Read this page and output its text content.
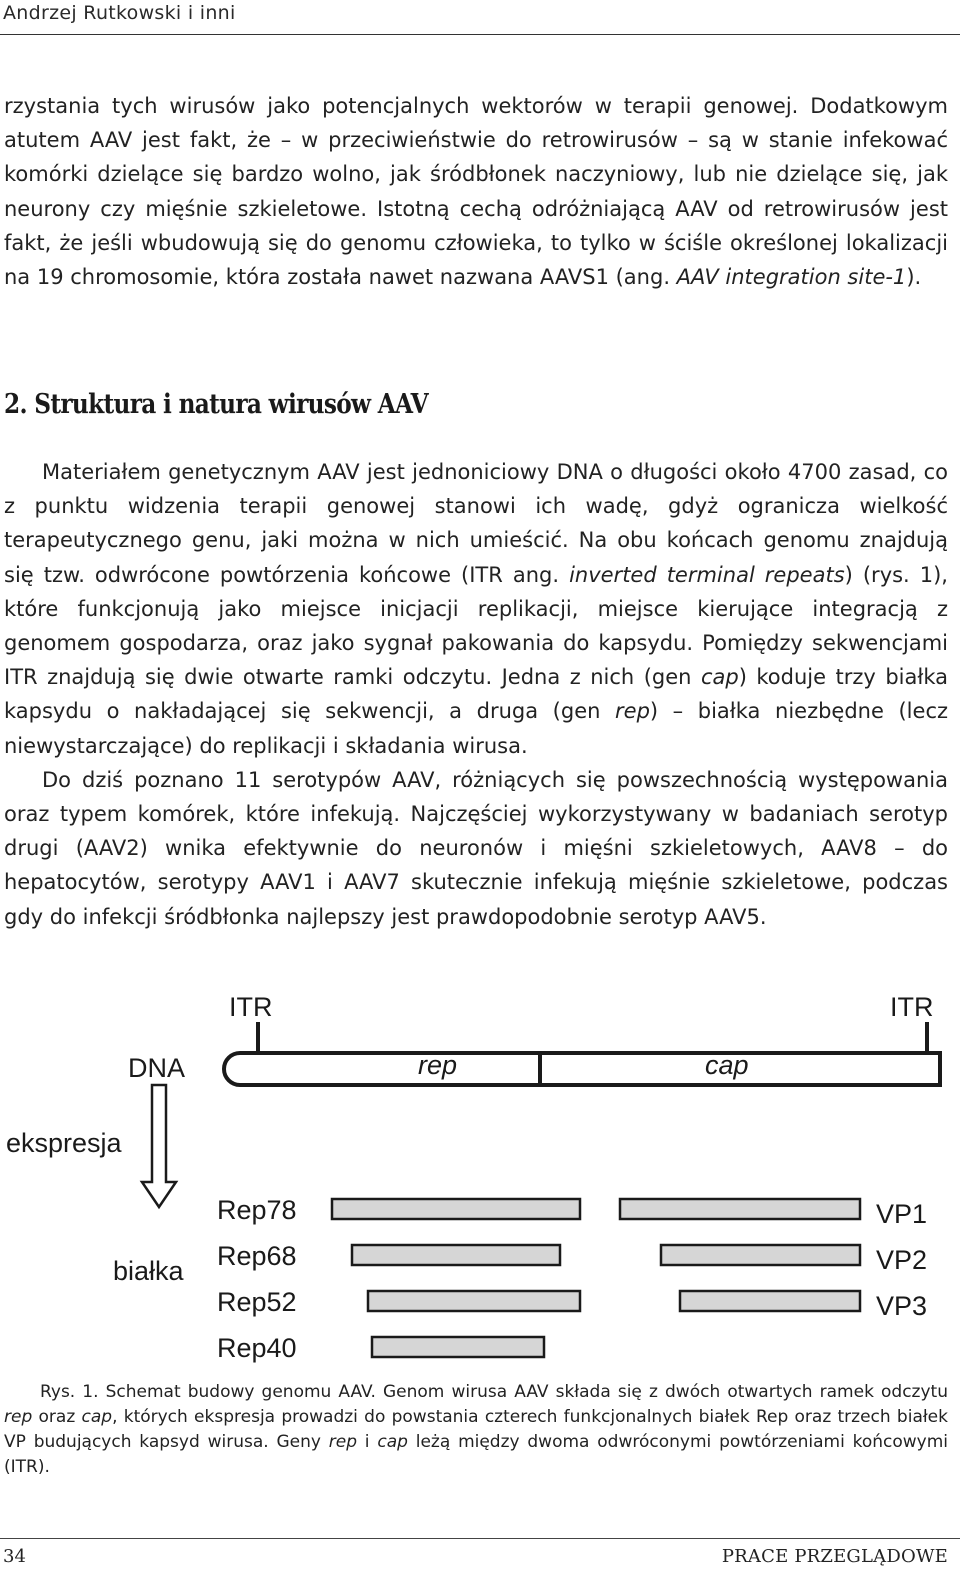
Andrzej Rutkowski i inni

rzystania tych wirusów jako potencjalnych wektorów w terapii genowej. Dodatkowym atutem AAV jest fakt, że – w przeciwieństwie do retrowirusów – są w stanie infekować komórki dzielące się bardzo wolno, jak śródbłonek naczyniowy, lub nie dzielące się, jak neurony czy mięśnie szkieletowe. Istotną cechą odróżniającą AAV od retrowirusów jest fakt, że jeśli wbudowują się do genomu człowieka, to tylko w ściśle określonej lokalizacji na 19 chromosomie, która została nawet nazwana AAVS1 (ang. AAV integration site-1).

2. Struktura i natura wirusów AAV

Materiałem genetycznym AAV jest jednoniciowy DNA o długości około 4700 zasad, co z punktu widzenia terapii genowej stanowi ich wadę, gdyż ogranicza wielkość terapeutycznego genu, jaki można w nich umieścić. Na obu końcach genomu znajdują się tzw. odwrócone powtórzenia końcowe (ITR ang. inverted terminal repeats) (rys. 1), które funkcjonują jako miejsce inicjacji replikacji, miejsce kierujące integracją z genomem gospodarza, oraz jako sygnał pakowania do kapsydu. Pomiędzy sekwencjami ITR znajdują się dwie otwarte ramki odczytu. Jedna z nich (gen cap) koduje trzy białka kapsydu o nakładającej się sekwencji, a druga (gen rep) – białka niezbędne (lecz niewystarczające) do replikacji i składania wirusa.

Do dziś poznano 11 serotypów AAV, różniących się powszechnością występowania oraz typem komórek, które infekują. Najczęściej wykorzystywany w badaniach serotyp drugi (AAV2) wnika efektywnie do neuronów i mięśni szkieletowych, AAV8 – do hepatocytów, serotypy AAV1 i AAV7 skutecznie infekują mięśnie szkieletowe, podczas gdy do infekcji śródbłonka najlepszy jest prawdopodobnie serotyp AAV5.

ITR	ITR
DNA	rep	cap
ekspresja
białka
Rep78
Rep68
Rep52
Rep40
VP1
VP2
VP3

Rys. 1. Schemat budowy genomu AAV. Genom wirusa AAV składa się z dwóch otwartych ramek odczytu rep oraz cap, których ekspresja prowadzi do powstania czterech funkcjonalnych białek Rep oraz trzech białek VP budujących kapsyd wirusa. Geny rep i cap leżą między dwoma odwróconymi powtórzeniami końcowymi (ITR).

34	PRACE PRZEGLĄDOWE
